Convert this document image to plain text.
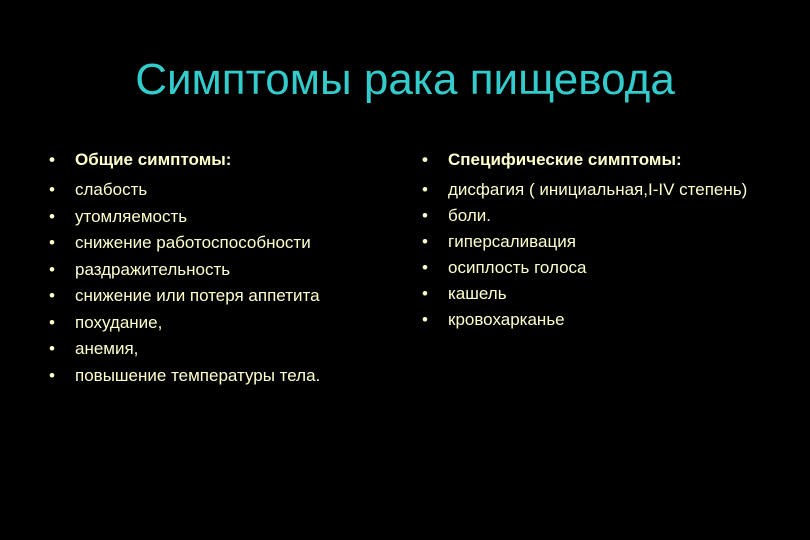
Симптомы рака пищевода
• Общие симптомы:
• слабость
• утомляемость
• снижение работоспособности
• раздражительность
• снижение или потеря аппетита
• похудание,
• анемия,
• повышение температуры тела.
• Специфические симптомы:
• дисфагия ( инициальная,I-IV степень)
• боли.
• гиперсаливация
• осиплость голоса
• кашель
• кровохарканье
